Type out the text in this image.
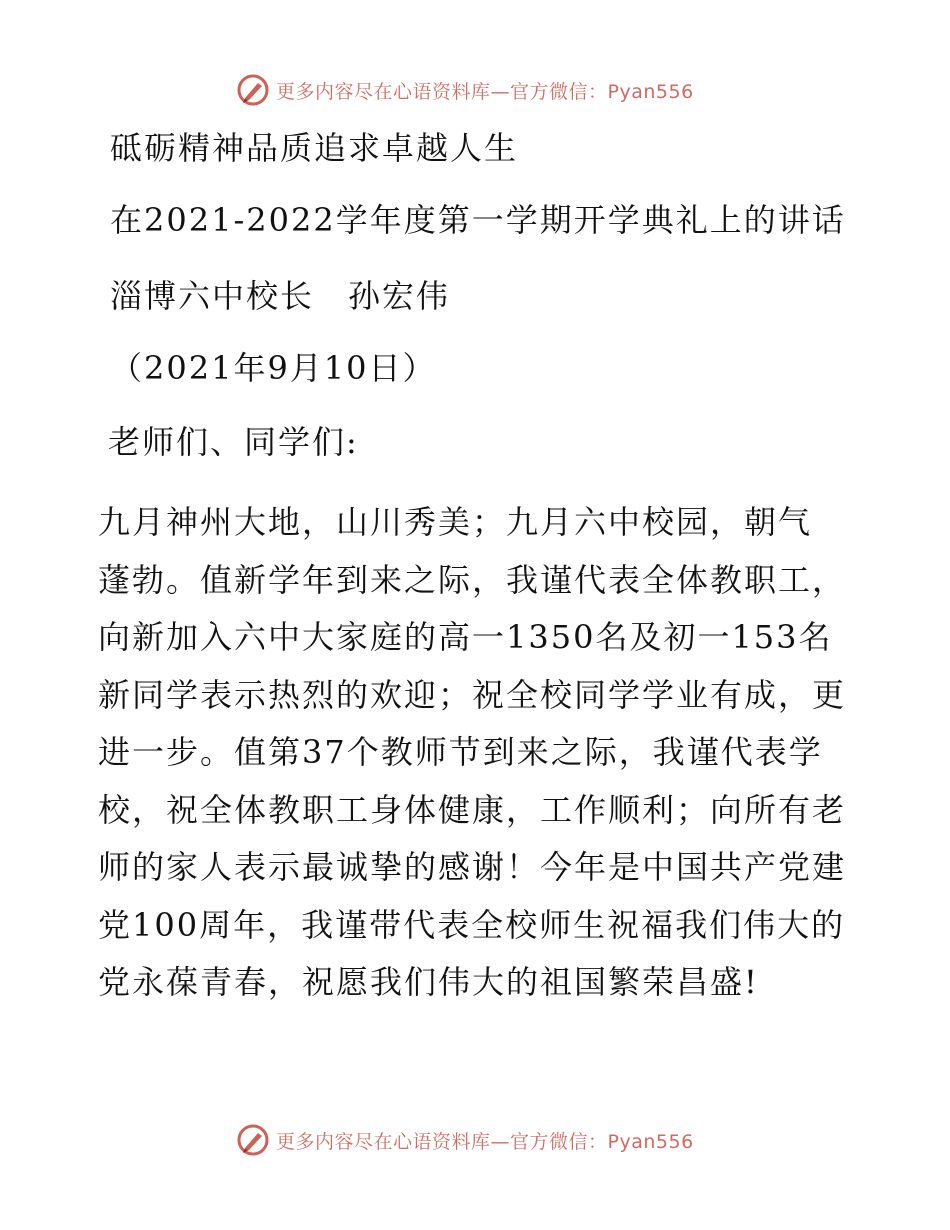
更多内容尽在心语资料库—官方微信：Pyan556
砥砺精神品质追求卓越人生
在2021-2022学年度第一学期开学典礼上的讲话
淄博六中校长　孙宏伟
（2021年9月10日）
老师们、同学们:
九月神州大地，山川秀美；九月六中校园，朝气
蓬勃。值新学年到来之际，我谨代表全体教职工，
向新加入六中大家庭的高一1350名及初一153名
新同学表示热烈的欢迎；祝全校同学学业有成，更
进一步。值第37个教师节到来之际，我谨代表学
校，祝全体教职工身体健康，工作顺利；向所有老
师的家人表示最诚挚的感谢！今年是中国共产党建
党100周年，我谨带代表全校师生祝福我们伟大的
党永葆青春，祝愿我们伟大的祖国繁荣昌盛!
更多内容尽在心语资料库—官方微信：Pyan556
